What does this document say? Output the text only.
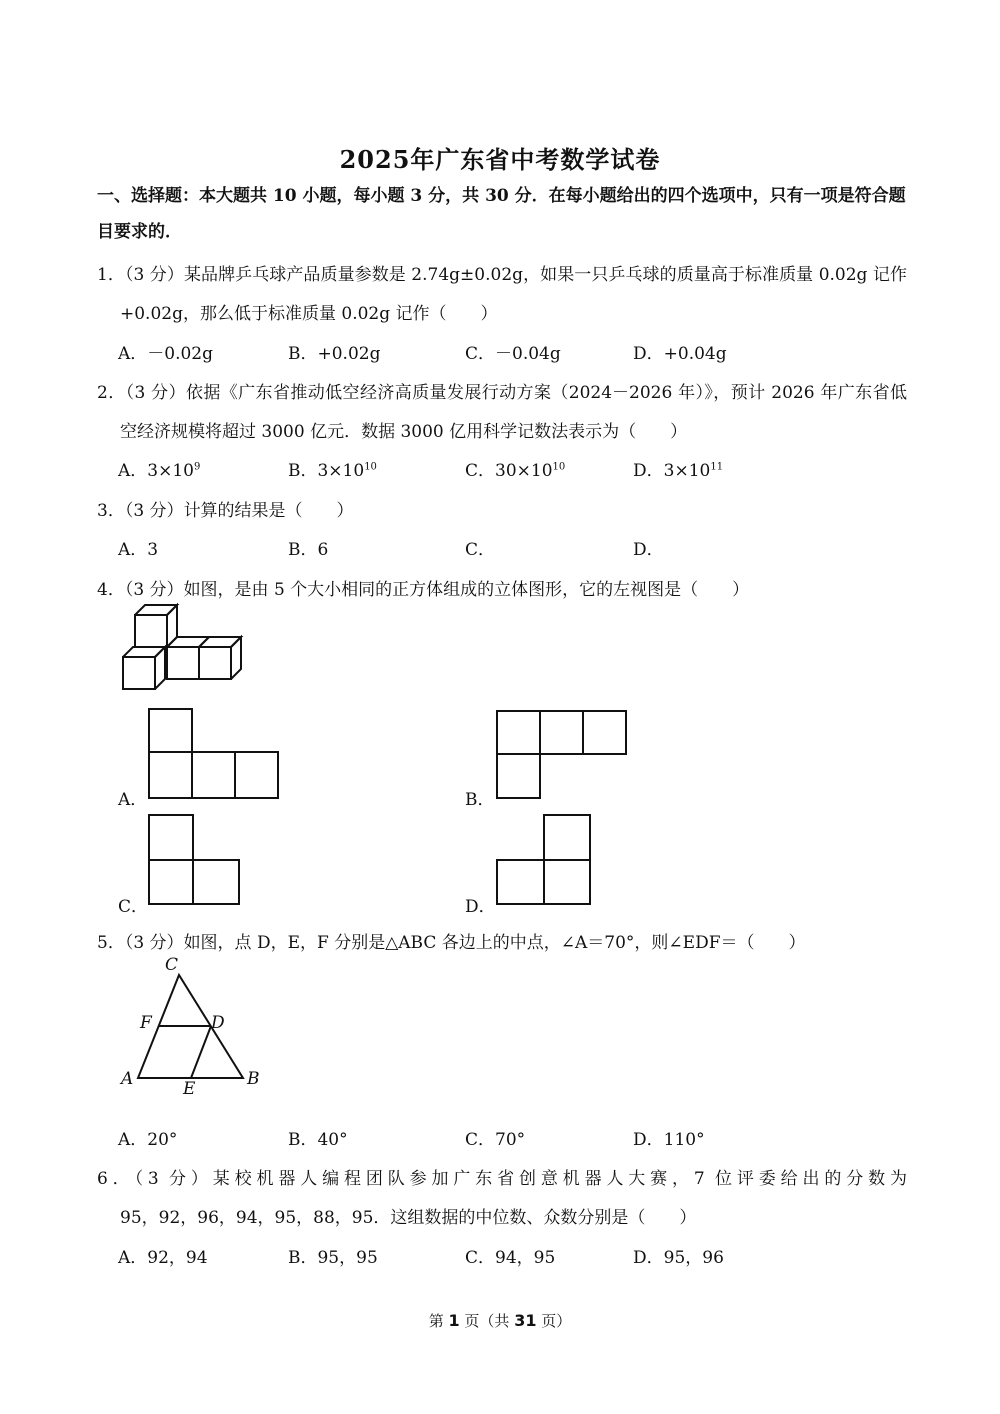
2025年广东省中考数学试卷
一、选择题：本大题共 10 小题，每小题 3 分，共 30 分．在每小题给出的四个选项中，只有一项是符合题目要求的．
1．（3 分）某品牌乒乓球产品质量参数是 2.74g±0.02g，如果一只乒乓球的质量高于标准质量 0.02g 记作
+0.02g，那么低于标准质量 0.02g 记作（　　）
A．－0.02g	B．+0.02g	C．－0.04g	D．+0.04g
2．（3 分）依据《广东省推动低空经济高质量发展行动方案（2024－2026 年）》，预计 2026 年广东省低
空经济规模将超过 3000 亿元．数据 3000 亿用科学记数法表示为（　　）
A．$3\times 10^9$	B．$3\times 10^{10}$	C．$30\times 10^{10}$	D．$3\times 10^{11}$
3．（3 分）计算的结果是（　　）
A．3	B．6	C．	D．
4．（3 分）如图，是由 5 个大小相同的正方体组成的立体图形，它的左视图是（　　）
A．	B．
C．	D．
5．（3 分）如图，点 D，E，F 分别是△ABC 各边上的中点，∠A＝70°，则∠EDF＝（　　）
C
F	D
A	E	B
A．20°	B．40°	C．70°	D．110°
6．（3 分）某校机器人编程团队参加广东省创意机器人大赛，7 位评委给出的分数为
95，92，96，94，95，88，95．这组数据的中位数、众数分别是（　　）
A．92，94	B．95，95	C．94，95	D．95，96
第 1 页（共 31 页）
